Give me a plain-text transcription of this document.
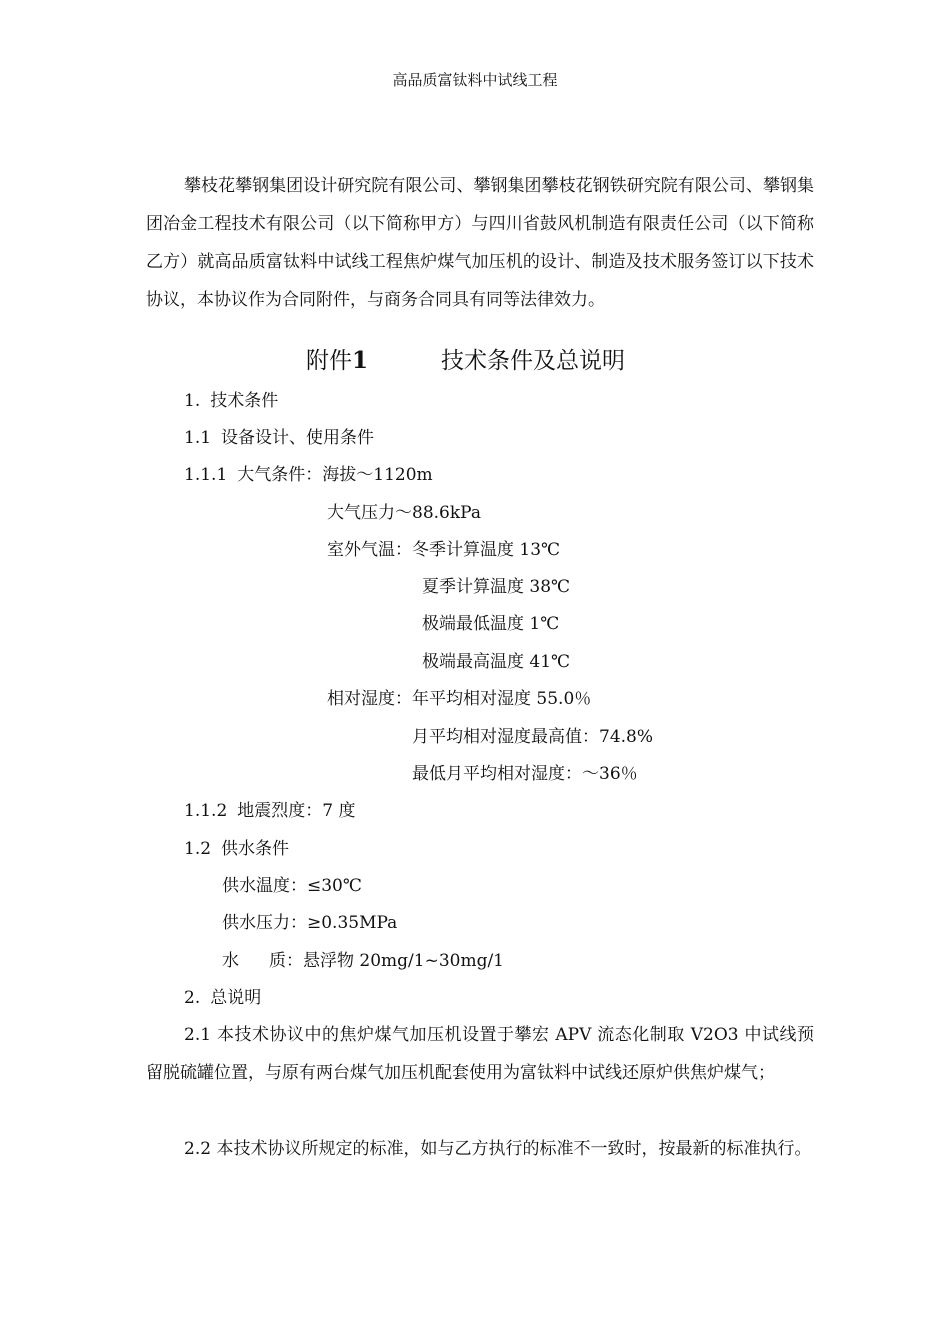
高品质富钛料中试线工程

攀枝花攀钢集团设计研究院有限公司、攀钢集团攀枝花钢铁研究院有限公司、攀钢集团冶金工程技术有限公司（以下简称甲方）与四川省鼓风机制造有限责任公司（以下简称乙方）就高品质富钛料中试线工程焦炉煤气加压机的设计、制造及技术服务签订以下技术协议，本协议作为合同附件，与商务合同具有同等法律效力。

附件1	技术条件及总说明
1. 技术条件
1.1 设备设计、使用条件
1.1.1 大气条件：海拔～1120m
大气压力～88.6kPa
室外气温：冬季计算温度 13℃
夏季计算温度 38℃
极端最低温度 1℃
极端最高温度 41℃
相对湿度：年平均相对湿度 55.0％
月平均相对湿度最高值：74.8%
最低月平均相对湿度：～36％
1.1.2 地震烈度：7 度
1.2 供水条件
供水温度：≤30℃
供水压力：≥0.35MPa
水 质：悬浮物 20mg/1~30mg/1
2. 总说明

2.1 本技术协议中的焦炉煤气加压机设置于攀宏 APV 流态化制取 V2O3 中试线预留脱硫罐位置，与原有两台煤气加压机配套使用为富钛料中试线还原炉供焦炉煤气；

2.2 本技术协议所规定的标准，如与乙方执行的标准不一致时，按最新的标准执行。
